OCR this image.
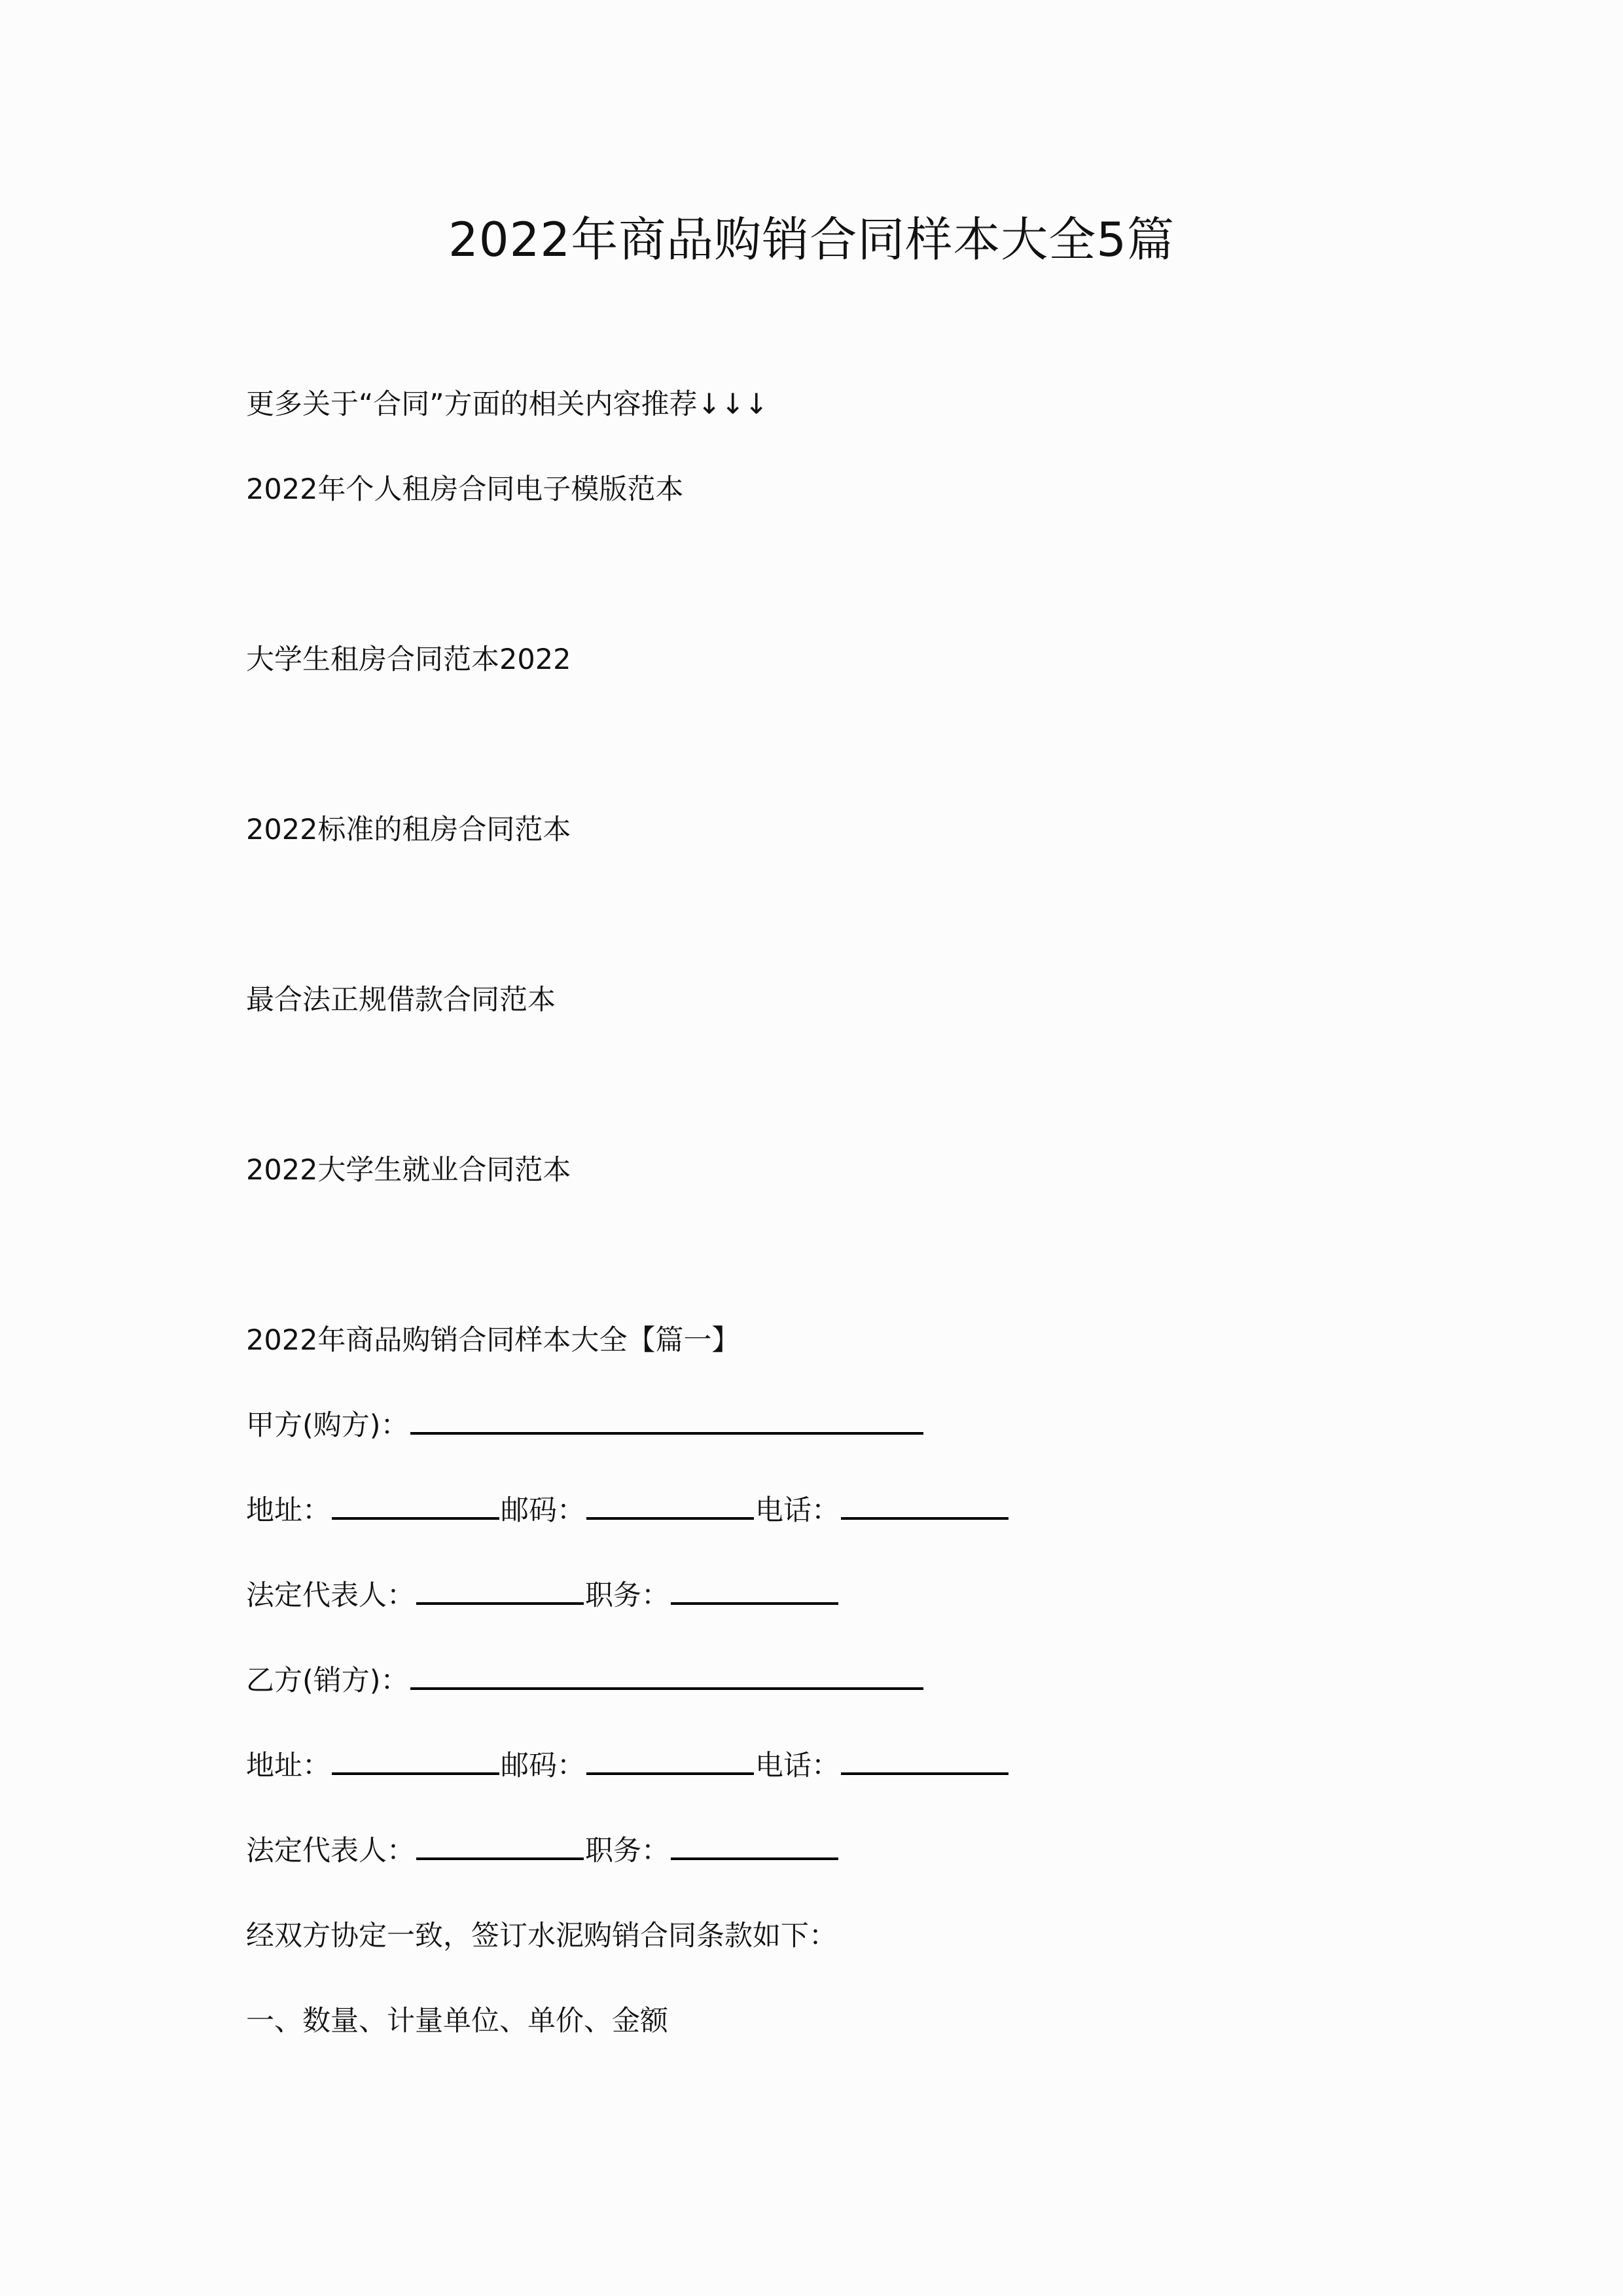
2022年商品购销合同样本大全5篇
更多关于“合同”方面的相关内容推荐↓↓↓
2022年个人租房合同电子模版范本
大学生租房合同范本2022
2022标准的租房合同范本
最合法正规借款合同范本
2022大学生就业合同范本
2022年商品购销合同样本大全【篇一】
甲方(购方)：
地址：	邮码：	电话：
法定代表人：	职务：
乙方(销方)：
地址：	邮码：	电话：
法定代表人：	职务：
经双方协定一致，签订水泥购销合同条款如下：
一、数量、计量单位、单价、金额
